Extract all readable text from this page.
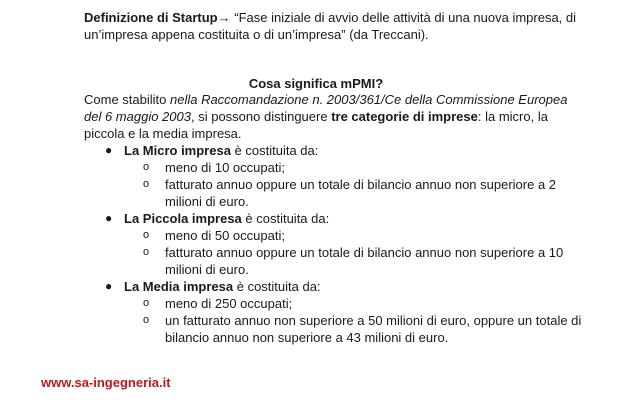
Definizione di Startup→ “Fase iniziale di avvio delle attività di una nuova impresa, di un’impresa appena costituita o di un’impresa” (da Treccani).
Cosa significa mPMI?
Come stabilito nella Raccomandazione n. 2003/361/Ce della Commissione Europea del 6 maggio 2003, si possono distinguere tre categorie di imprese: la micro, la piccola e la media impresa.
● La Micro impresa è costituita da:
o meno di 10 occupati;
o fatturato annuo oppure un totale di bilancio annuo non superiore a 2 milioni di euro.
● La Piccola impresa è costituita da:
o meno di 50 occupati;
o fatturato annuo oppure un totale di bilancio annuo non superiore a 10 milioni di euro.
● La Media impresa è costituita da:
o meno di 250 occupati;
o un fatturato annuo non superiore a 50 milioni di euro, oppure un totale di bilancio annuo non superiore a 43 milioni di euro.
www.sa-ingegneria.it
